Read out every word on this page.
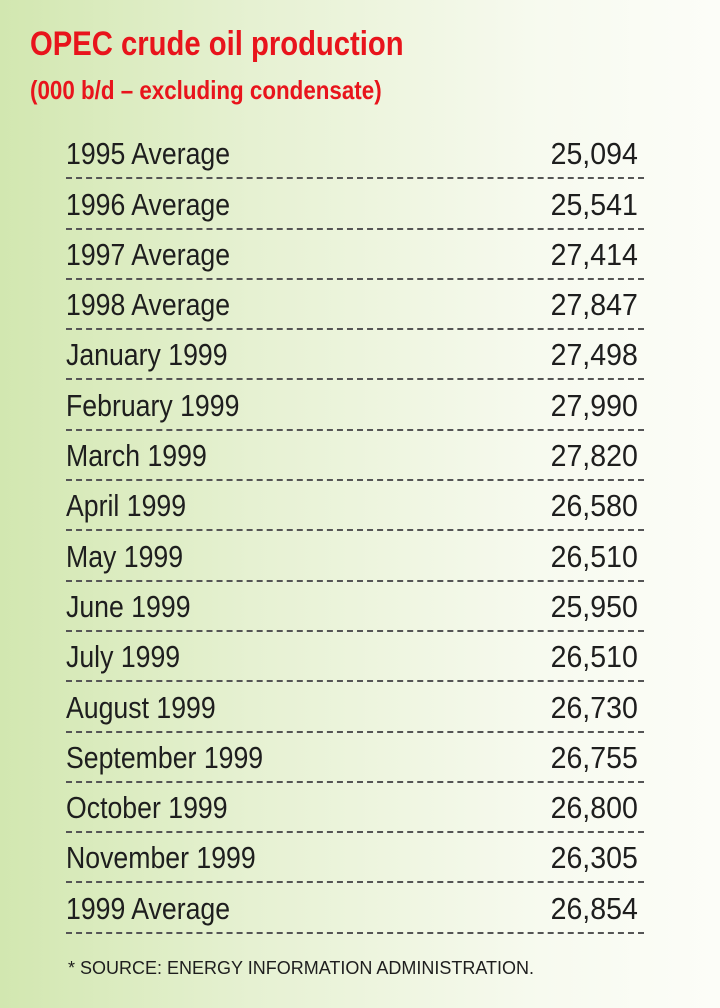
OPEC crude oil production
(000 b/d – excluding condensate)
1995 Average	25,094
1996 Average	25,541
1997 Average	27,414
1998 Average	27,847
January 1999	27,498
February 1999	27,990
March 1999	27,820
April 1999	26,580
May 1999	26,510
June 1999	25,950
July 1999	26,510
August 1999	26,730
September 1999	26,755
October 1999	26,800
November 1999	26,305
1999 Average	26,854
* SOURCE: ENERGY INFORMATION ADMINISTRATION.
